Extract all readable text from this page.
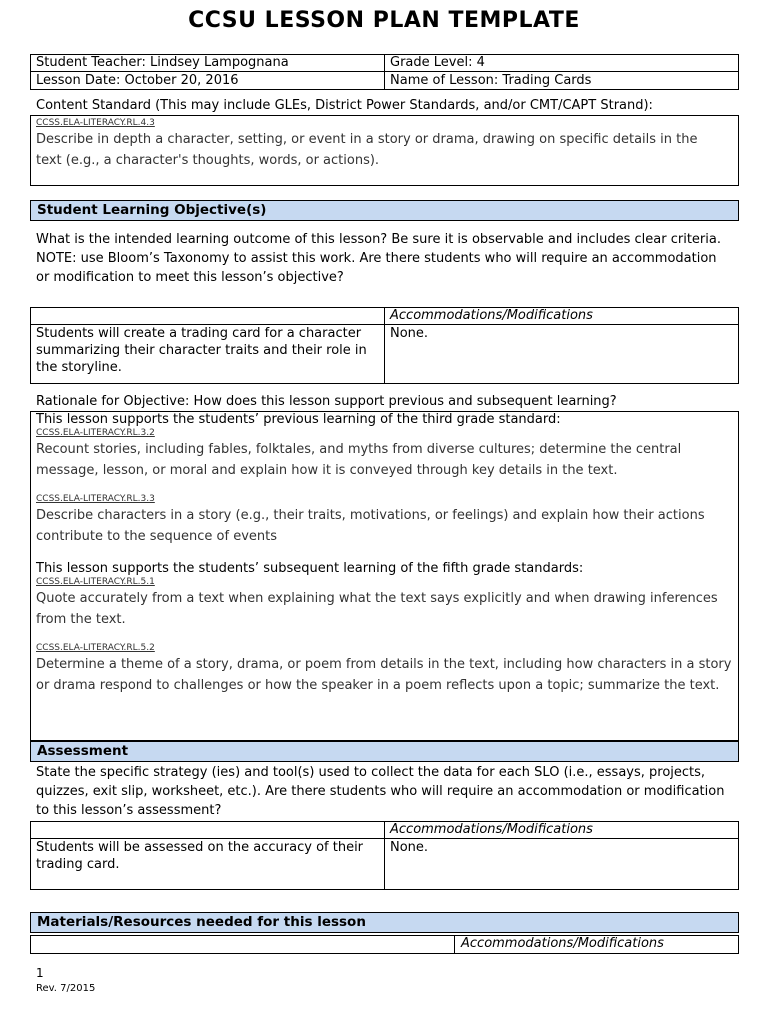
CCSU LESSON PLAN TEMPLATE
Student Teacher: Lindsey Lampognana	Grade Level: 4
Lesson Date: October 20, 2016	Name of Lesson: Trading Cards
Content Standard (This may include GLEs, District Power Standards, and/or CMT/CAPT Strand):
CCSS.ELA-LITERACY.RL.4.3
Describe in depth a character, setting, or event in a story or drama, drawing on specific details in the text (e.g., a character's thoughts, words, or actions).
Student Learning Objective(s)
What is the intended learning outcome of this lesson? Be sure it is observable and includes clear criteria.
NOTE: use Bloom’s Taxonomy to assist this work. Are there students who will require an accommodation or modification to meet this lesson’s objective?
Accommodations/Modifications
Students will create a trading card for a character summarizing their character traits and their role in the storyline.
None.
Rationale for Objective: How does this lesson support previous and subsequent learning?
This lesson supports the students’ previous learning of the third grade standard:
CCSS.ELA-LITERACY.RL.3.2
Recount stories, including fables, folktales, and myths from diverse cultures; determine the central message, lesson, or moral and explain how it is conveyed through key details in the text.
CCSS.ELA-LITERACY.RL.3.3
Describe characters in a story (e.g., their traits, motivations, or feelings) and explain how their actions contribute to the sequence of events
This lesson supports the students’ subsequent learning of the fifth grade standards:
CCSS.ELA-LITERACY.RL.5.1
Quote accurately from a text when explaining what the text says explicitly and when drawing inferences from the text.
CCSS.ELA-LITERACY.RL.5.2
Determine a theme of a story, drama, or poem from details in the text, including how characters in a story or drama respond to challenges or how the speaker in a poem reflects upon a topic; summarize the text.
Assessment
State the specific strategy (ies) and tool(s) used to collect the data for each SLO (i.e., essays, projects, quizzes, exit slip, worksheet, etc.). Are there students who will require an accommodation or modification to this lesson’s assessment?
Accommodations/Modifications
Students will be assessed on the accuracy of their trading card.
None.
Materials/Resources needed for this lesson
Accommodations/Modifications
1
Rev. 7/2015
